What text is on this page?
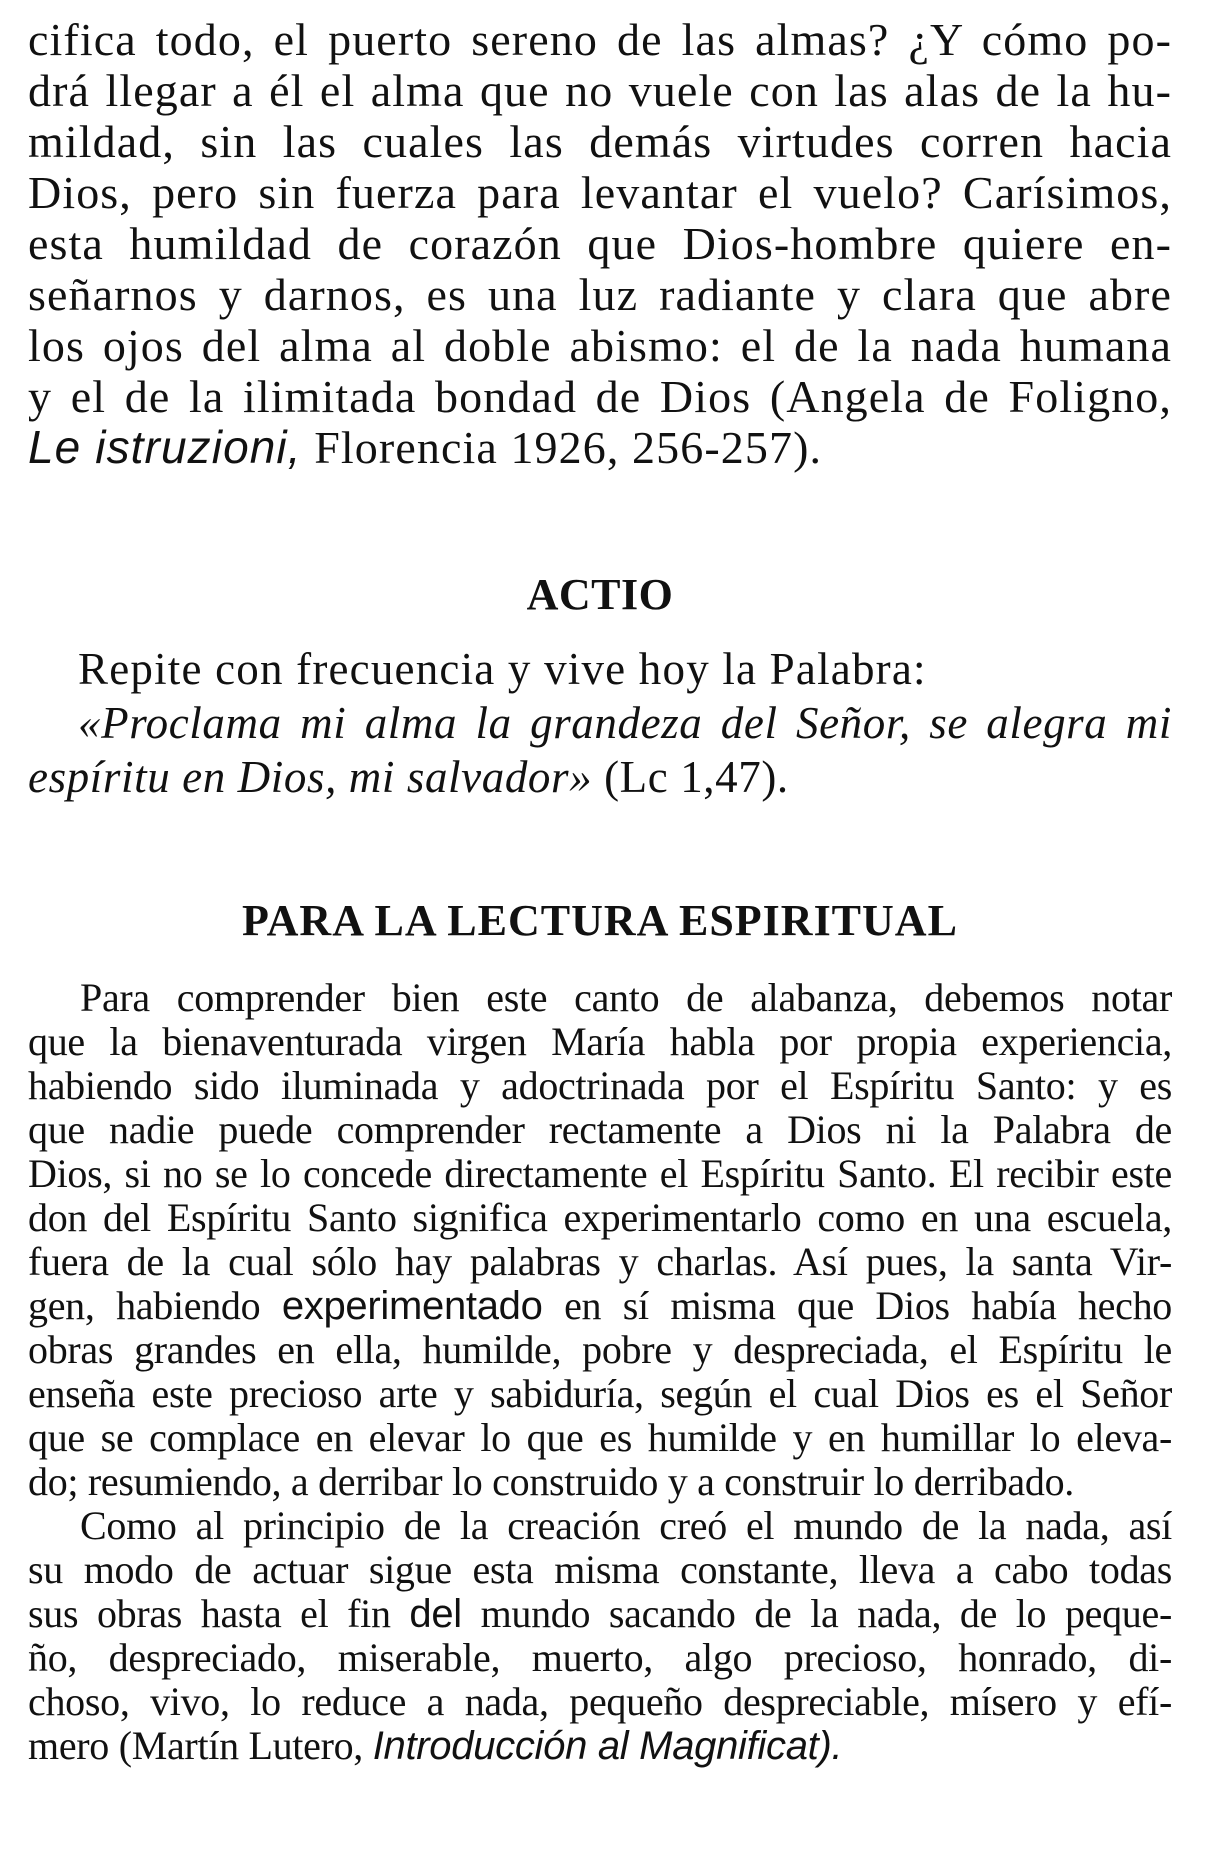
cifica todo, el puerto sereno de las almas? ¿Y cómo po-
drá llegar a él el alma que no vuele con las alas de la hu-
mildad, sin las cuales las demás virtudes corren hacia
Dios, pero sin fuerza para levantar el vuelo? Carísimos,
esta humildad de corazón que Dios-hombre quiere en-
señarnos y darnos, es una luz radiante y clara que abre
los ojos del alma al doble abismo: el de la nada humana
y el de la ilimitada bondad de Dios (Angela de Foligno,
Le istruzioni, Florencia 1926, 256-257).
ACTIO
Repite con frecuencia y vive hoy la Palabra:
«Proclama mi alma la grandeza del Señor, se alegra mi
espíritu en Dios, mi salvador» (Lc 1,47).
PARA LA LECTURA ESPIRITUAL
Para comprender bien este canto de alabanza, debemos notar
que la bienaventurada virgen María habla por propia experiencia,
habiendo sido iluminada y adoctrinada por el Espíritu Santo: y es
que nadie puede comprender rectamente a Dios ni la Palabra de
Dios, si no se lo concede directamente el Espíritu Santo. El recibir este
don del Espíritu Santo significa experimentarlo como en una escuela,
fuera de la cual sólo hay palabras y charlas. Así pues, la santa Vir-
gen, habiendo experimentado en sí misma que Dios había hecho
obras grandes en ella, humilde, pobre y despreciada, el Espíritu le
enseña este precioso arte y sabiduría, según el cual Dios es el Señor
que se complace en elevar lo que es humilde y en humillar lo eleva-
do; resumiendo, a derribar lo construido y a construir lo derribado.
Como al principio de la creación creó el mundo de la nada, así
su modo de actuar sigue esta misma constante, lleva a cabo todas
sus obras hasta el fin del mundo sacando de la nada, de lo peque-
ño, despreciado, miserable, muerto, algo precioso, honrado, di-
choso, vivo, lo reduce a nada, pequeño despreciable, mísero y efí-
mero (Martín Lutero, Introducción al Magnificat).
